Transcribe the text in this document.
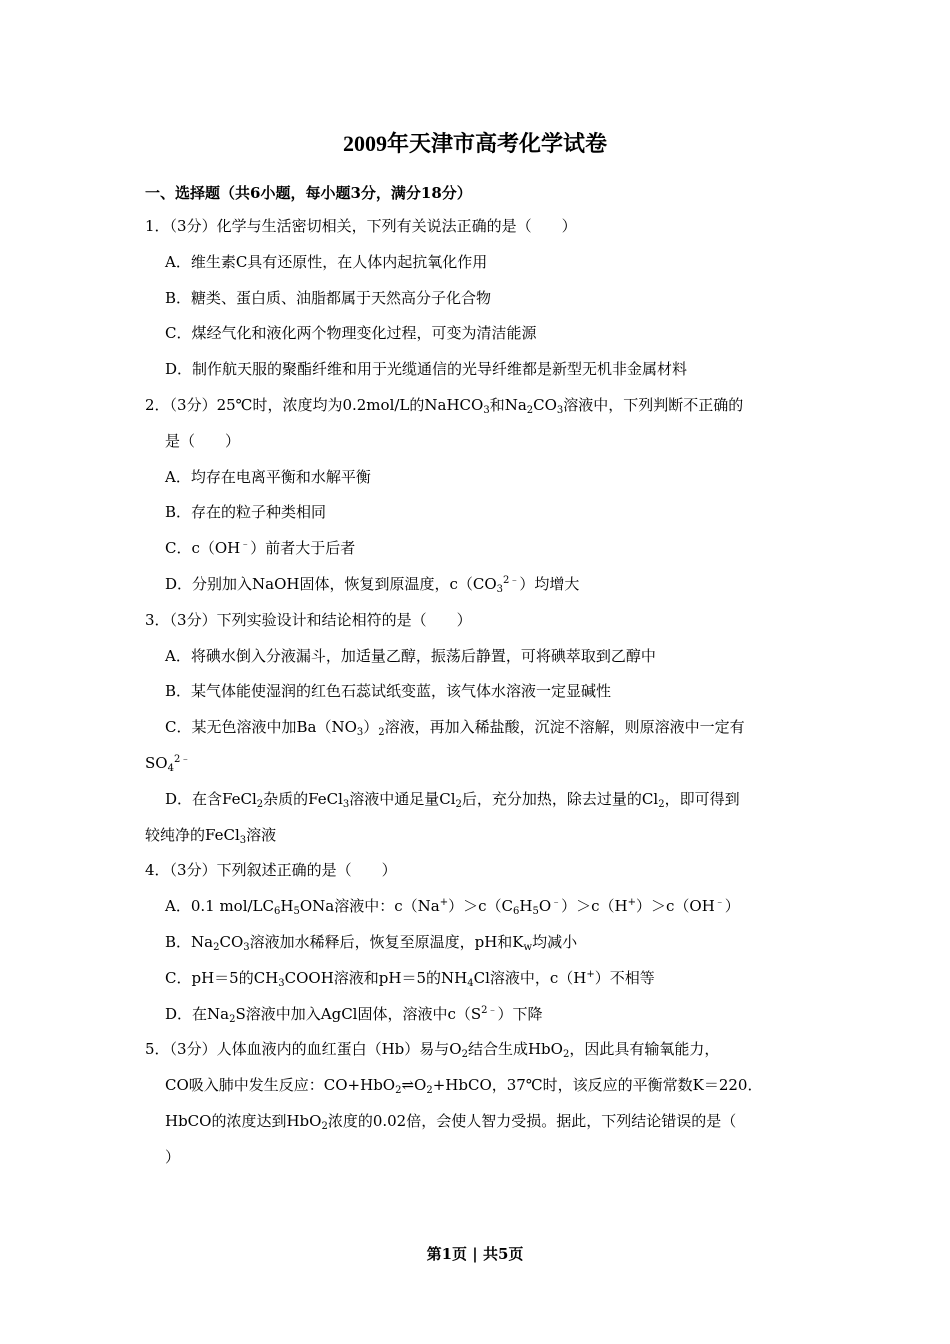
2009年天津市高考化学试卷
一、选择题（共6小题，每小题3分，满分18分）
1．（3分）化学与生活密切相关，下列有关说法正确的是（　　）
A．维生素C具有还原性，在人体内起抗氧化作用
B．糖类、蛋白质、油脂都属于天然高分子化合物
C．煤经气化和液化两个物理变化过程，可变为清洁能源
D．制作航天服的聚酯纤维和用于光缆通信的光导纤维都是新型无机非金属材料
2．（3分）25℃时，浓度均为0.2mol/L的NaHCO$_3$和$Na_2CO_3$溶液中，下列判断不正确的
是（　　）
A．均存在电离平衡和水解平衡
B．存在的粒子种类相同
C．c（OH﹣）前者大于后者
D．分别加入NaOH固体，恢复到原温度，$c(CO_3^{2﹣})$均增大
3．（3分）下列实验设计和结论相符的是（　　）
A．将碘水倒入分液漏斗，加适量乙醇，振荡后静置，可将碘萃取到乙醇中
B．某气体能使湿润的红色石蕊试纸变蓝，该气体水溶液一定显碱性
C．某无色溶液中加$Ba(NO_3)_2$溶液，再加入稀盐酸，沉淀不溶解，则原溶液中一定有
$SO_4^{2﹣}$
D．在含FeCl$_2$杂质的FeCl$_3$溶液中通足量$Cl_2$后，充分加热，除去过量的$Cl_2$，即可得到
较纯净的FeCl$_3$溶液
4．（3分）下列叙述正确的是（　　）
A．0.1 mol/$LC_6H_5ONa$溶液中：$c(Na^+)>c(C_6H_5O^﹣)>c(H^+)>c(OH^﹣)$
B．$Na_2CO_3$溶液加水稀释后，恢复至原温度，pH和$K_w$均减小
C．pH＝5的$CH_3COOH$溶液和pH＝5的$NH_4Cl$溶液中，c（H+）不相等
D．在$Na_2S$溶液中加入AgCl固体，溶液中$c(S^{2﹣})$下降
5．（3分）人体血液内的血红蛋白（Hb）易与$O_2$结合生成HbO$_2$，因此具有输氧能力，
CO吸入肺中发生反应：$CO+HbO_2\rightleftharpoons O_2+HbCO$，37℃时，该反应的平衡常数K＝220．
HbCO的浓度达到HbO$_2$浓度的0.02倍，会使人智力受损。据此，下列结论错误的是（
）
第1页 | 共5页
